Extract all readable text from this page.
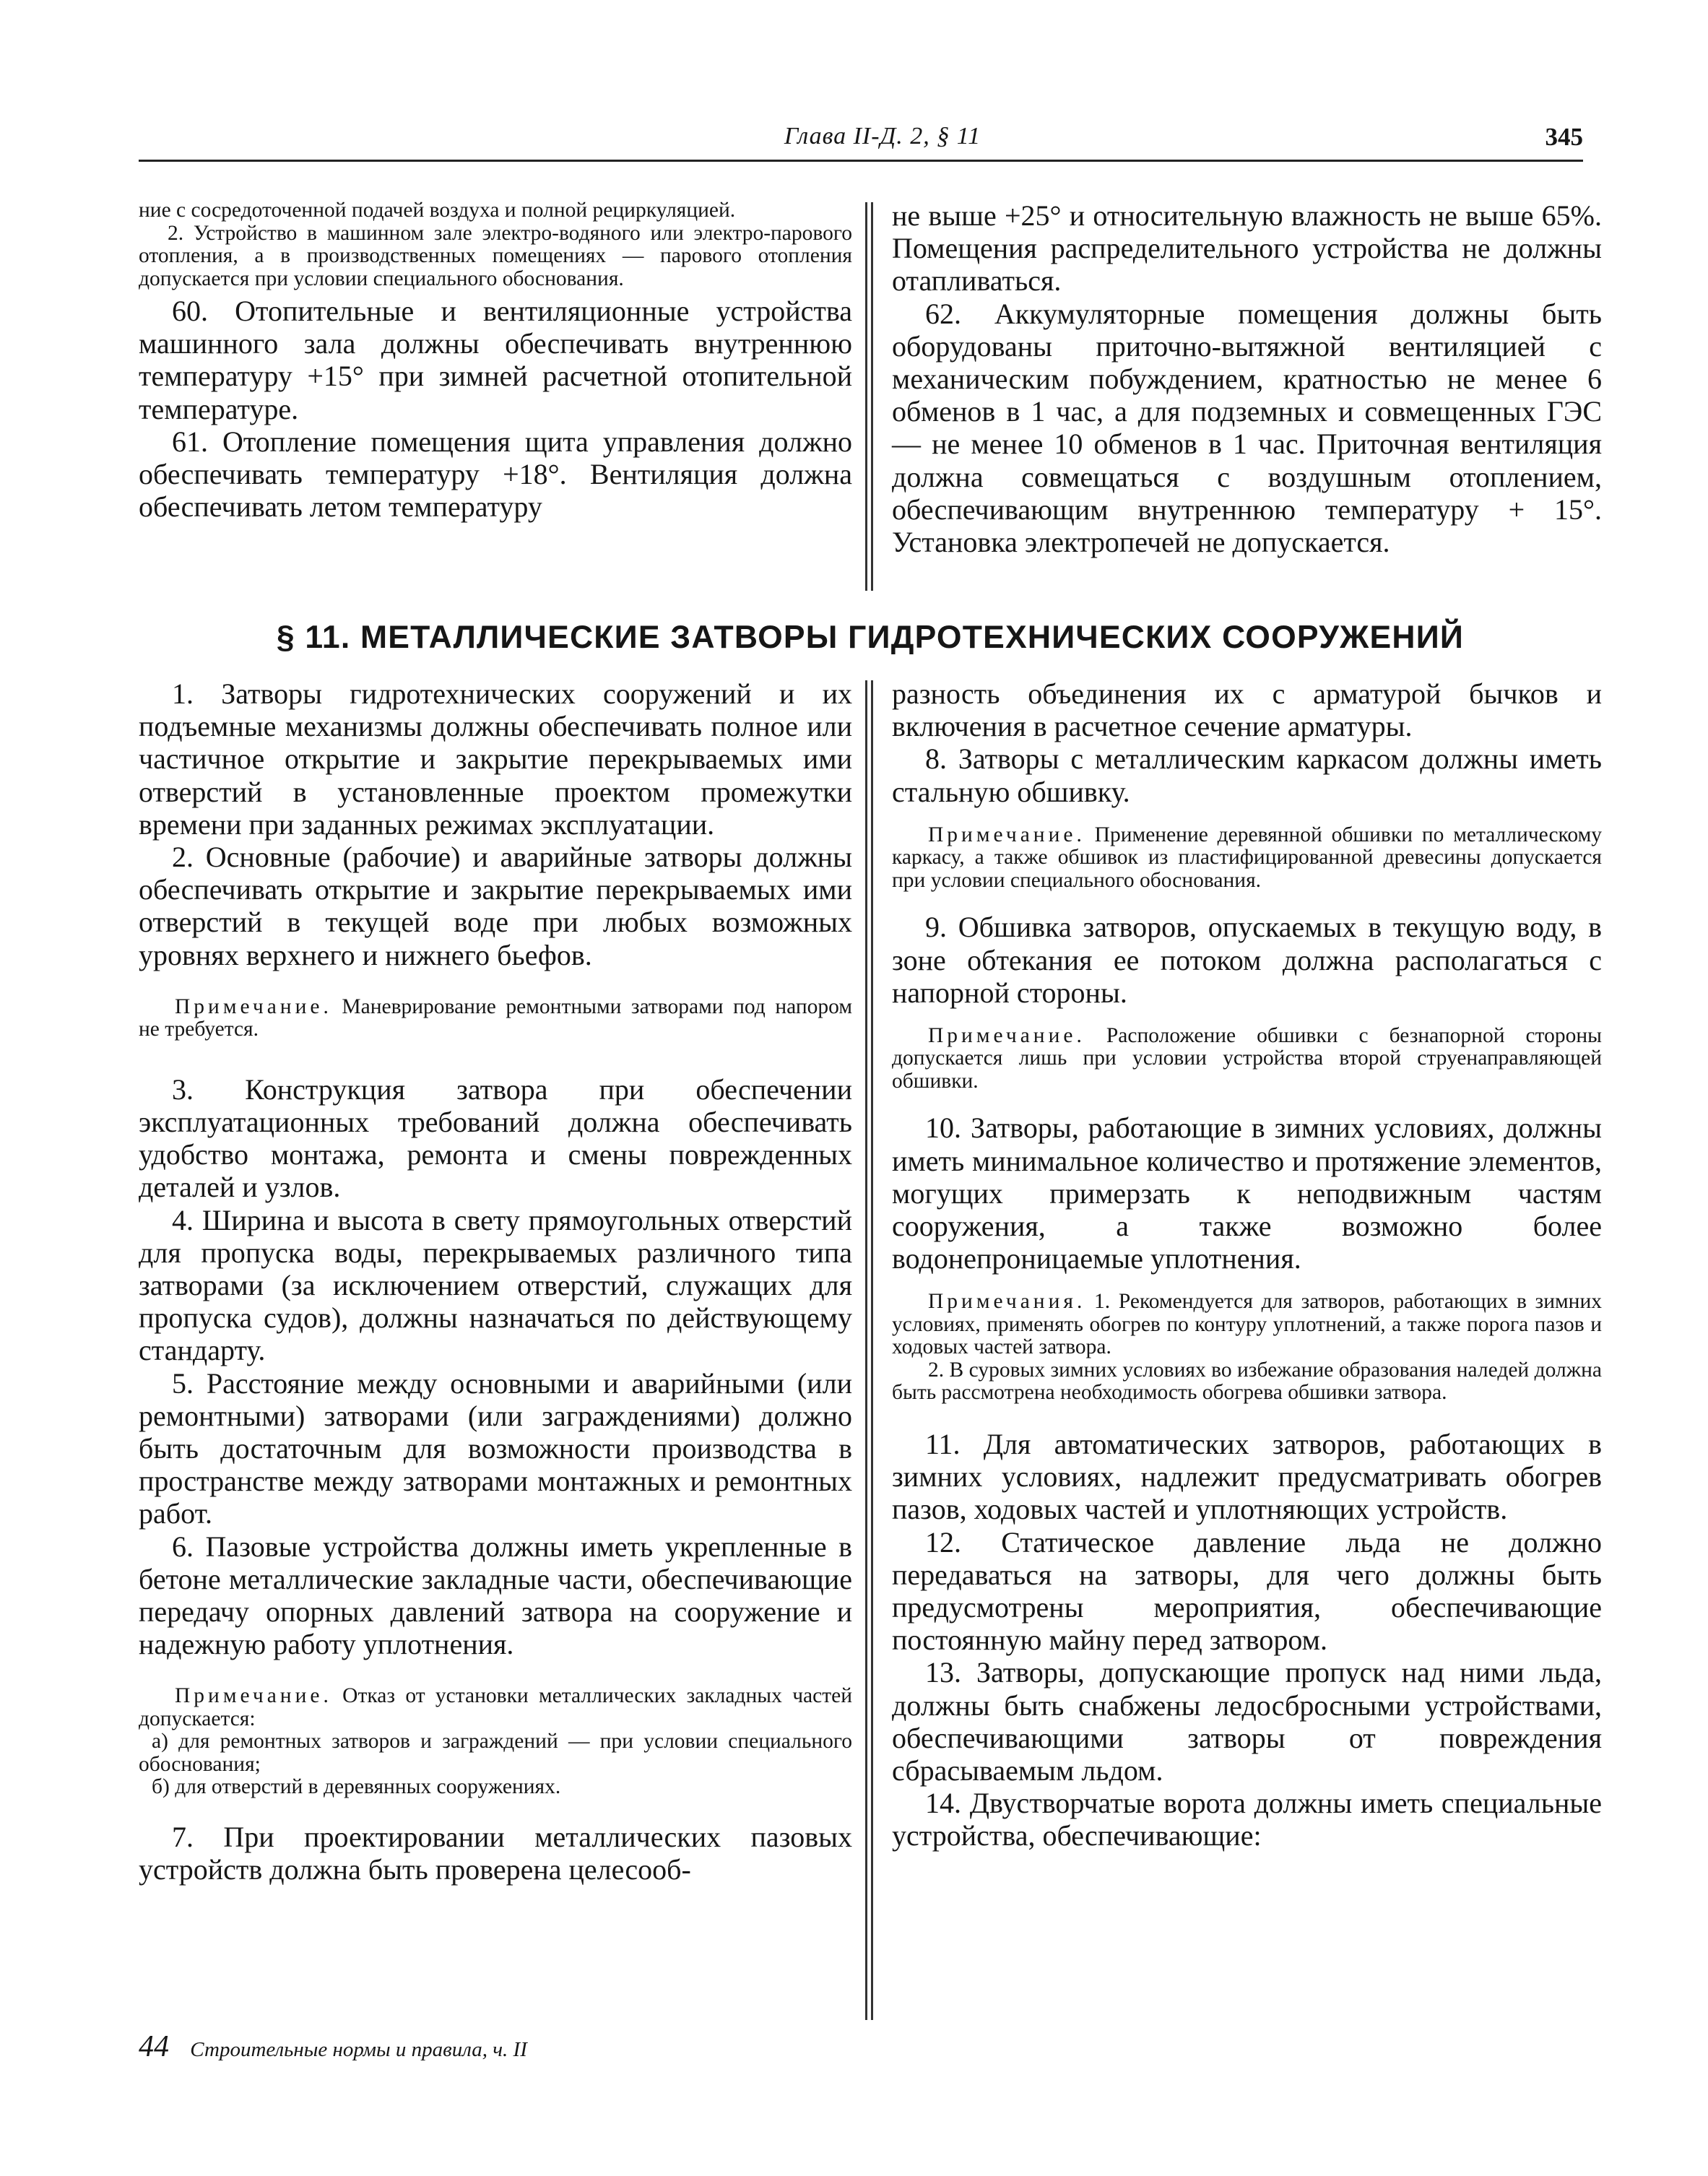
Глава II-Д. 2, § 11	345

ние с сосредоточенной подачей воздуха и полной рециркуляцией.

2. Устройство в машинном зале электро-водяного или электро-парового отопления, а в производственных помещениях — парового отопления допускается при условии специального обоснования.

60. Отопительные и вентиляционные устройства машинного зала должны обеспечивать внутреннюю температуру +15° при зимней расчетной отопительной температуре.

61. Отопление помещения щита управления должно обеспечивать температуру +18°. Вентиляция должна обеспечивать летом температуру

не выше +25° и относительную влажность не выше 65%. Помещения распределительного устройства не должны отапливаться.

62. Аккумуляторные помещения должны быть оборудованы приточно-вытяжной вентиляцией с механическим побуждением, кратностью не менее 6 обменов в 1 час, а для подземных и совмещенных ГЭС — не менее 10 обменов в 1 час. Приточная вентиляция должна совмещаться с воздушным отоплением, обеспечивающим внутреннюю температуру + 15°. Установка электропечей не допускается.

§ 11. МЕТАЛЛИЧЕСКИЕ ЗАТВОРЫ ГИДРОТЕХНИЧЕСКИХ СООРУЖЕНИЙ

1. Затворы гидротехнических сооружений и их подъемные механизмы должны обеспечивать полное или частичное открытие и закрытие перекрываемых ими отверстий в установленные проектом промежутки времени при заданных режимах эксплуатации.

2. Основные (рабочие) и аварийные затворы должны обеспечивать открытие и закрытие перекрываемых ими отверстий в текущей воде при любых возможных уровнях верхнего и нижнего бьефов.

Примечание. Маневрирование ремонтными затворами под напором не требуется.

3. Конструкция затвора при обеспечении эксплуатационных требований должна обеспечивать удобство монтажа, ремонта и смены поврежденных деталей и узлов.

4. Ширина и высота в свету прямоугольных отверстий для пропуска воды, перекрываемых различного типа затворами (за исключением отверстий, служащих для пропуска судов), должны назначаться по действующему стандарту.

5. Расстояние между основными и аварийными (или ремонтными) затворами (или заграждениями) должно быть достаточным для возможности производства в пространстве между затворами монтажных и ремонтных работ.

6. Пазовые устройства должны иметь укрепленные в бетоне металлические закладные части, обеспечивающие передачу опорных давлений затвора на сооружение и надежную работу уплотнения.

Примечание. Отказ от установки металлических закладных частей допускается:

а) для ремонтных затворов и заграждений — при условии специального обоснования;

б) для отверстий в деревянных сооружениях.

7. При проектировании металлических пазовых устройств должна быть проверена целесооб-

разность объединения их с арматурой бычков и включения в расчетное сечение арматуры.

8. Затворы с металлическим каркасом должны иметь стальную обшивку.

Примечание. Применение деревянной обшивки по металлическому каркасу, а также обшивок из пластифицированной древесины допускается при условии специального обоснования.

9. Обшивка затворов, опускаемых в текущую воду, в зоне обтекания ее потоком должна располагаться с напорной стороны.

Примечание. Расположение обшивки с безнапорной стороны допускается лишь при условии устройства второй струенаправляющей обшивки.

10. Затворы, работающие в зимних условиях, должны иметь минимальное количество и протяжение элементов, могущих примерзать к неподвижным частям сооружения, а также возможно более водонепроницаемые уплотнения.

Примечания. 1. Рекомендуется для затворов, работающих в зимних условиях, применять обогрев по контуру уплотнений, а также порога пазов и ходовых частей затвора.

2. В суровых зимних условиях во избежание образования наледей должна быть рассмотрена необходимость обогрева обшивки затвора.

11. Для автоматических затворов, работающих в зимних условиях, надлежит предусматривать обогрев пазов, ходовых частей и уплотняющих устройств.

12. Статическое давление льда не должно передаваться на затворы, для чего должны быть предусмотрены мероприятия, обеспечивающие постоянную майну перед затвором.

13. Затворы, допускающие пропуск над ними льда, должны быть снабжены ледосбросными устройствами, обеспечивающими затворы от повреждения сбрасываемым льдом.

14. Двустворчатые ворота должны иметь специальные устройства, обеспечивающие:

44 Строительные нормы и правила, ч. II
